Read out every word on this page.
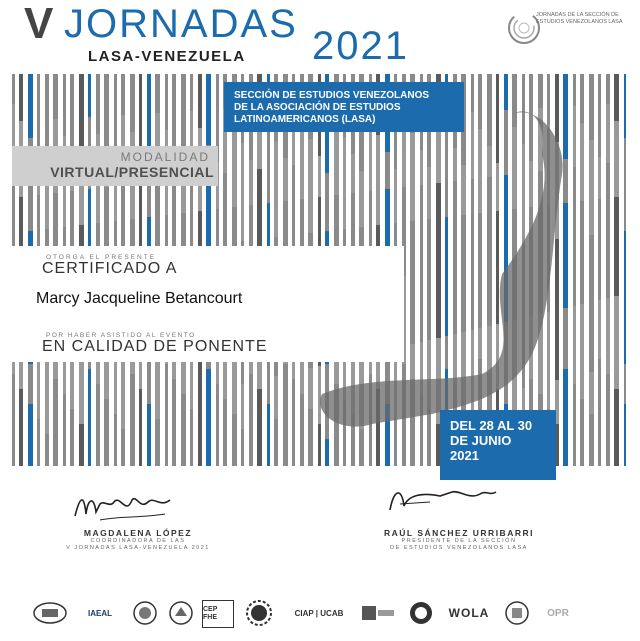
V JORNADAS
LASA-VENEZUELA 2021
JORNADAS DE LA SECCIÓN DE ESTUDIOS VENEZOLANOS LASA
SECCIÓN DE ESTUDIOS VENEZOLANOS
DE LA ASOCIACIÓN DE ESTUDIOS
LATINOAMERICANOS (LASA)
MODALIDAD
VIRTUAL/PRESENCIAL
OTORGA EL PRESENTE
CERTIFICADO A
Marcy Jacqueline Betancourt
POR HABER ASISTIDO AL EVENTO
EN CALIDAD DE PONENTE
DEL 28 AL 30
DE JUNIO
2021
MAGDALENA LÓPEZ
COORDINADORA DE LAS
V JORNADAS LASA-VENEZUELA 2021
RAÚL SÁNCHEZ URRIBARRI
PRESIDENTE DE LA SECCIÓN
DE ESTUDIOS VENEZOLANOS LASA
IAEAL	CEP FHE	CIAP | UCAB	WOLA	OPR
